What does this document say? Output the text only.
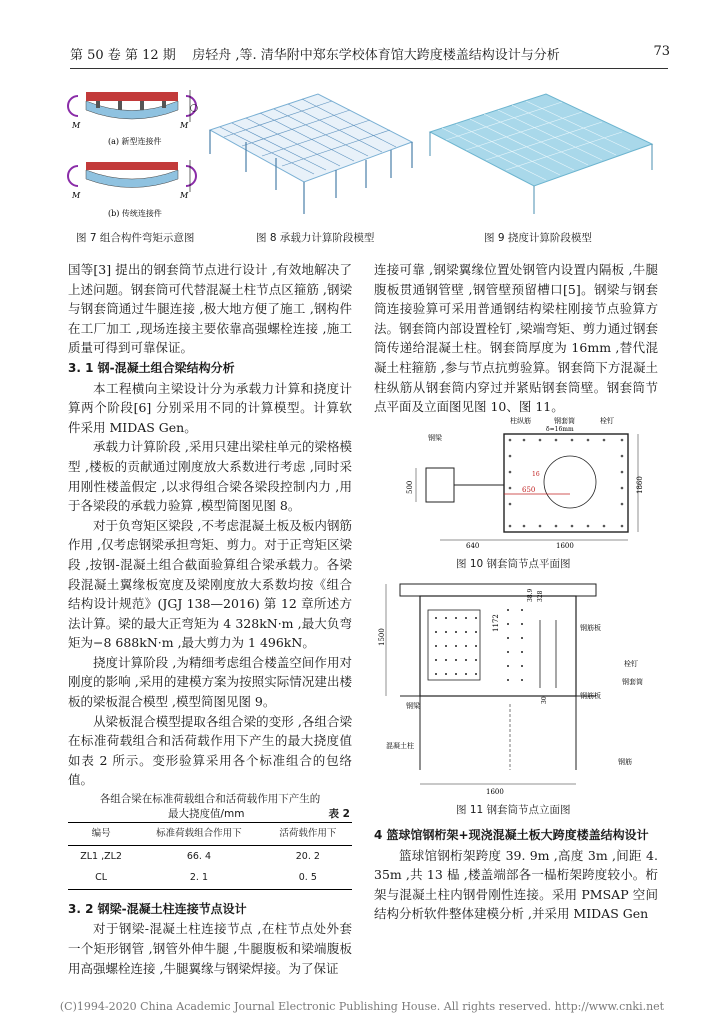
第 50 卷 第 12 期 房轻舟 ,等. 清华附中郑东学校体育馆大跨度楼盖结构设计与分析	73
M	M
(a) 新型连接件
M	M
(b) 传统连接件
图 7 组合构件弯矩示意图	图 8 承载力计算阶段模型	图 9 挠度计算阶段模型

国等[3] 提出的钢套筒节点进行设计 ,有效地解决了上述问题。钢套筒可代替混凝土柱节点区箍筋 ,钢梁与钢套筒通过牛腿连接 ,极大地方便了施工 ,钢构件在工厂加工 ,现场连接主要依靠高强螺栓连接 ,施工质量可得到可靠保证。

3. 1 钢-混凝土组合梁结构分析

本工程横向主梁设计分为承载力计算和挠度计算两个阶段[6] 分别采用不同的计算模型。计算软件采用 MIDAS Gen。

承载力计算阶段 ,采用只建出梁柱单元的梁格模型 ,楼板的贡献通过刚度放大系数进行考虑 ,同时采用刚性楼盖假定 ,以求得组合梁各梁段控制内力 ,用于各梁段的承载力验算 ,模型简图见图 8。

对于负弯矩区梁段 ,不考虑混凝土板及板内钢筋作用 ,仅考虑钢梁承担弯矩、剪力。对于正弯矩区梁段 ,按钢-混凝土组合截面验算组合梁承载力。各梁段混凝土翼缘板宽度及梁刚度放大系数均按《组合结构设计规范》(JGJ 138—2016) 第 12 章所述方法计算。梁的最大正弯矩为 4 328kN·m ,最大负弯矩为−8 688kN·m ,最大剪力为 1 496kN。

挠度计算阶段 ,为精细考虑组合楼盖空间作用对刚度的影响 ,采用的建模方案为按照实际情况建出楼板的梁板混合模型 ,模型简图见图 9。

从梁板混合模型提取各组合梁的变形 ,各组合梁在标准荷载组合和活荷载作用下产生的最大挠度值如表 2 所示。变形验算采用各个标准组合的包络值。

各组合梁在标准荷载组合和活荷载作用下产生的
最大挠度值/mm	表 2
编号	标准荷载组合作用下	活荷载作用下
ZL1 ,ZL2	66. 4	20. 2
CL	2. 1	0. 5

3. 2 钢梁-混凝土柱连接节点设计

对于钢梁-混凝土柱连接节点 ,在柱节点处外套一个矩形钢管 ,钢管外伸牛腿 ,牛腿腹板和梁端腹板用高强螺栓连接 ,牛腿翼缘与钢梁焊接。为了保证

连接可靠 ,钢梁翼缘位置处钢管内设置内隔板 ,牛腿腹板贯通钢管壁 ,钢管壁预留槽口[5]。钢梁与钢套筒连接验算可采用普通钢结构梁柱刚接节点验算方法。钢套筒内部设置栓钉 ,梁端弯矩、剪力通过钢套筒传递给混凝土柱。钢套筒厚度为 16mm ,替代混凝土柱箍筋 ,参与节点抗剪验算。钢套筒下方混凝土柱纵筋从钢套筒内穿过并紧贴钢套筒壁。钢套筒节点平面及立面图见图 10、图 11。

柱纵筋	钢套筒	栓钉
δ=16mm
钢梁
650
16
640	1600
1860
500
图 10 钢套筒节点平面图
1500
1172
38.9 328
30
钢筋板
钢筋板
栓钉
钢套筒
钢梁
混凝土柱
钢筋
1600
图 11 钢套筒节点立面图

4 篮球馆钢桁架+现浇混凝土板大跨度楼盖结构设计

篮球馆钢桁架跨度 39. 9m ,高度 3m ,间距 4. 35m ,共 13 榀 ,楼盖端部各一榀桁架跨度较小。桁架与混凝土柱内钢骨刚性连接。采用 PMSAP 空间结构分析软件整体建模分析 ,并采用 MIDAS Gen

(C)1994-2020 China Academic Journal Electronic Publishing House. All rights reserved. http://www.cnki.net
